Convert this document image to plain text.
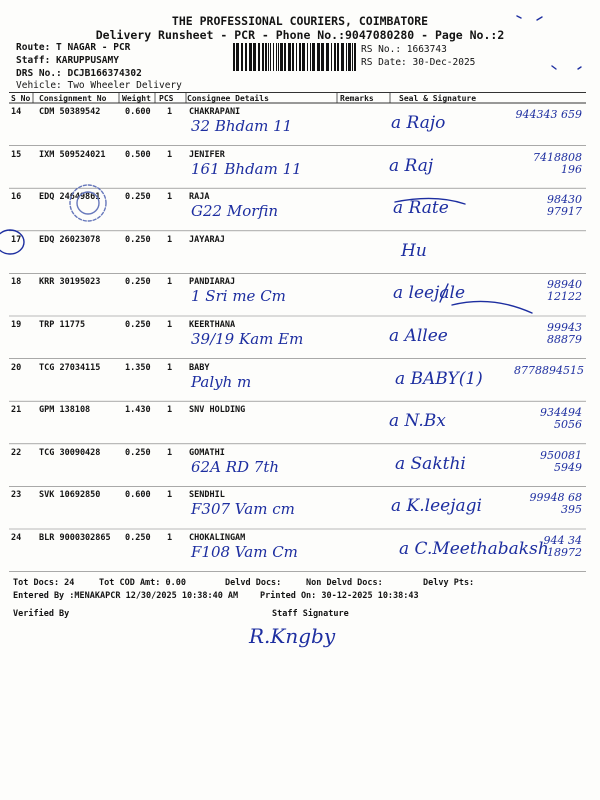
THE PROFESSIONAL COURIERS, COIMBATORE
Delivery Runsheet - PCR - Phone No.:9047080280 - Page No.:2
Route: T NAGAR - PCR
Staff: KARUPPUSAMY
DRS No.: DCJB166374302
Vehicle: Two Wheeler Delivery
RS No.: 1663743
RS Date: 30-Dec-2025
S No Consignment No Weight PCS Consignee Details	Remarks	Seal & Signature
14 CDM 50389542	0.600 1 CHAKRAPANI
32 Bhdam 11
944343 659
a Rajo
15 IXM 509524021 0.500 1 JENIFER
161 Bhdam 11
7418808 196
a Raj
16 EDQ 24649861	0.250 1 RAJA
G22 Morfin
98430 97917
a Rate
17 EDQ 26023078	0.250 1 JAYARAJ
Hu
18 KRR 30195023	0.250 1 PANDIARAJ
1 Sri me Cm
98940 12122
a leejale
19 TRP 11775	0.250 1 KEERTHANA
39/19 Kam Em
99943 88879
a Allee
20 TCG 27034115	1.350 1 BABY
Palyh m
8778894515
a BABY(1)
21 GPM 138108	1.430 1 SNV HOLDING	934494 5056
a N.Bx
22 TCG 30090428	0.250 1 GOMATHI
62A RD 7th
950081 5949
a Sakthi
23 SVK 10692850	0.600 1 SENDHIL
F307 Vam cm
99948 68 395
a K.leejagi
24 BLR 9000302865 0.250 1 CHOKALINGAM
F108 Vam Cm
944 34 18972
a C.Meethabaksh
R.Kngby
Tot Docs: 24	Tot COD Amt: 0.00	Delvd Docs:	Non Delvd Docs:	Delvy Pts:
Entered By :MENAKAPCR 12/30/2025 10:38:40 AM	Printed On: 30-12-2025 10:38:43
Verified By	Staff Signature
